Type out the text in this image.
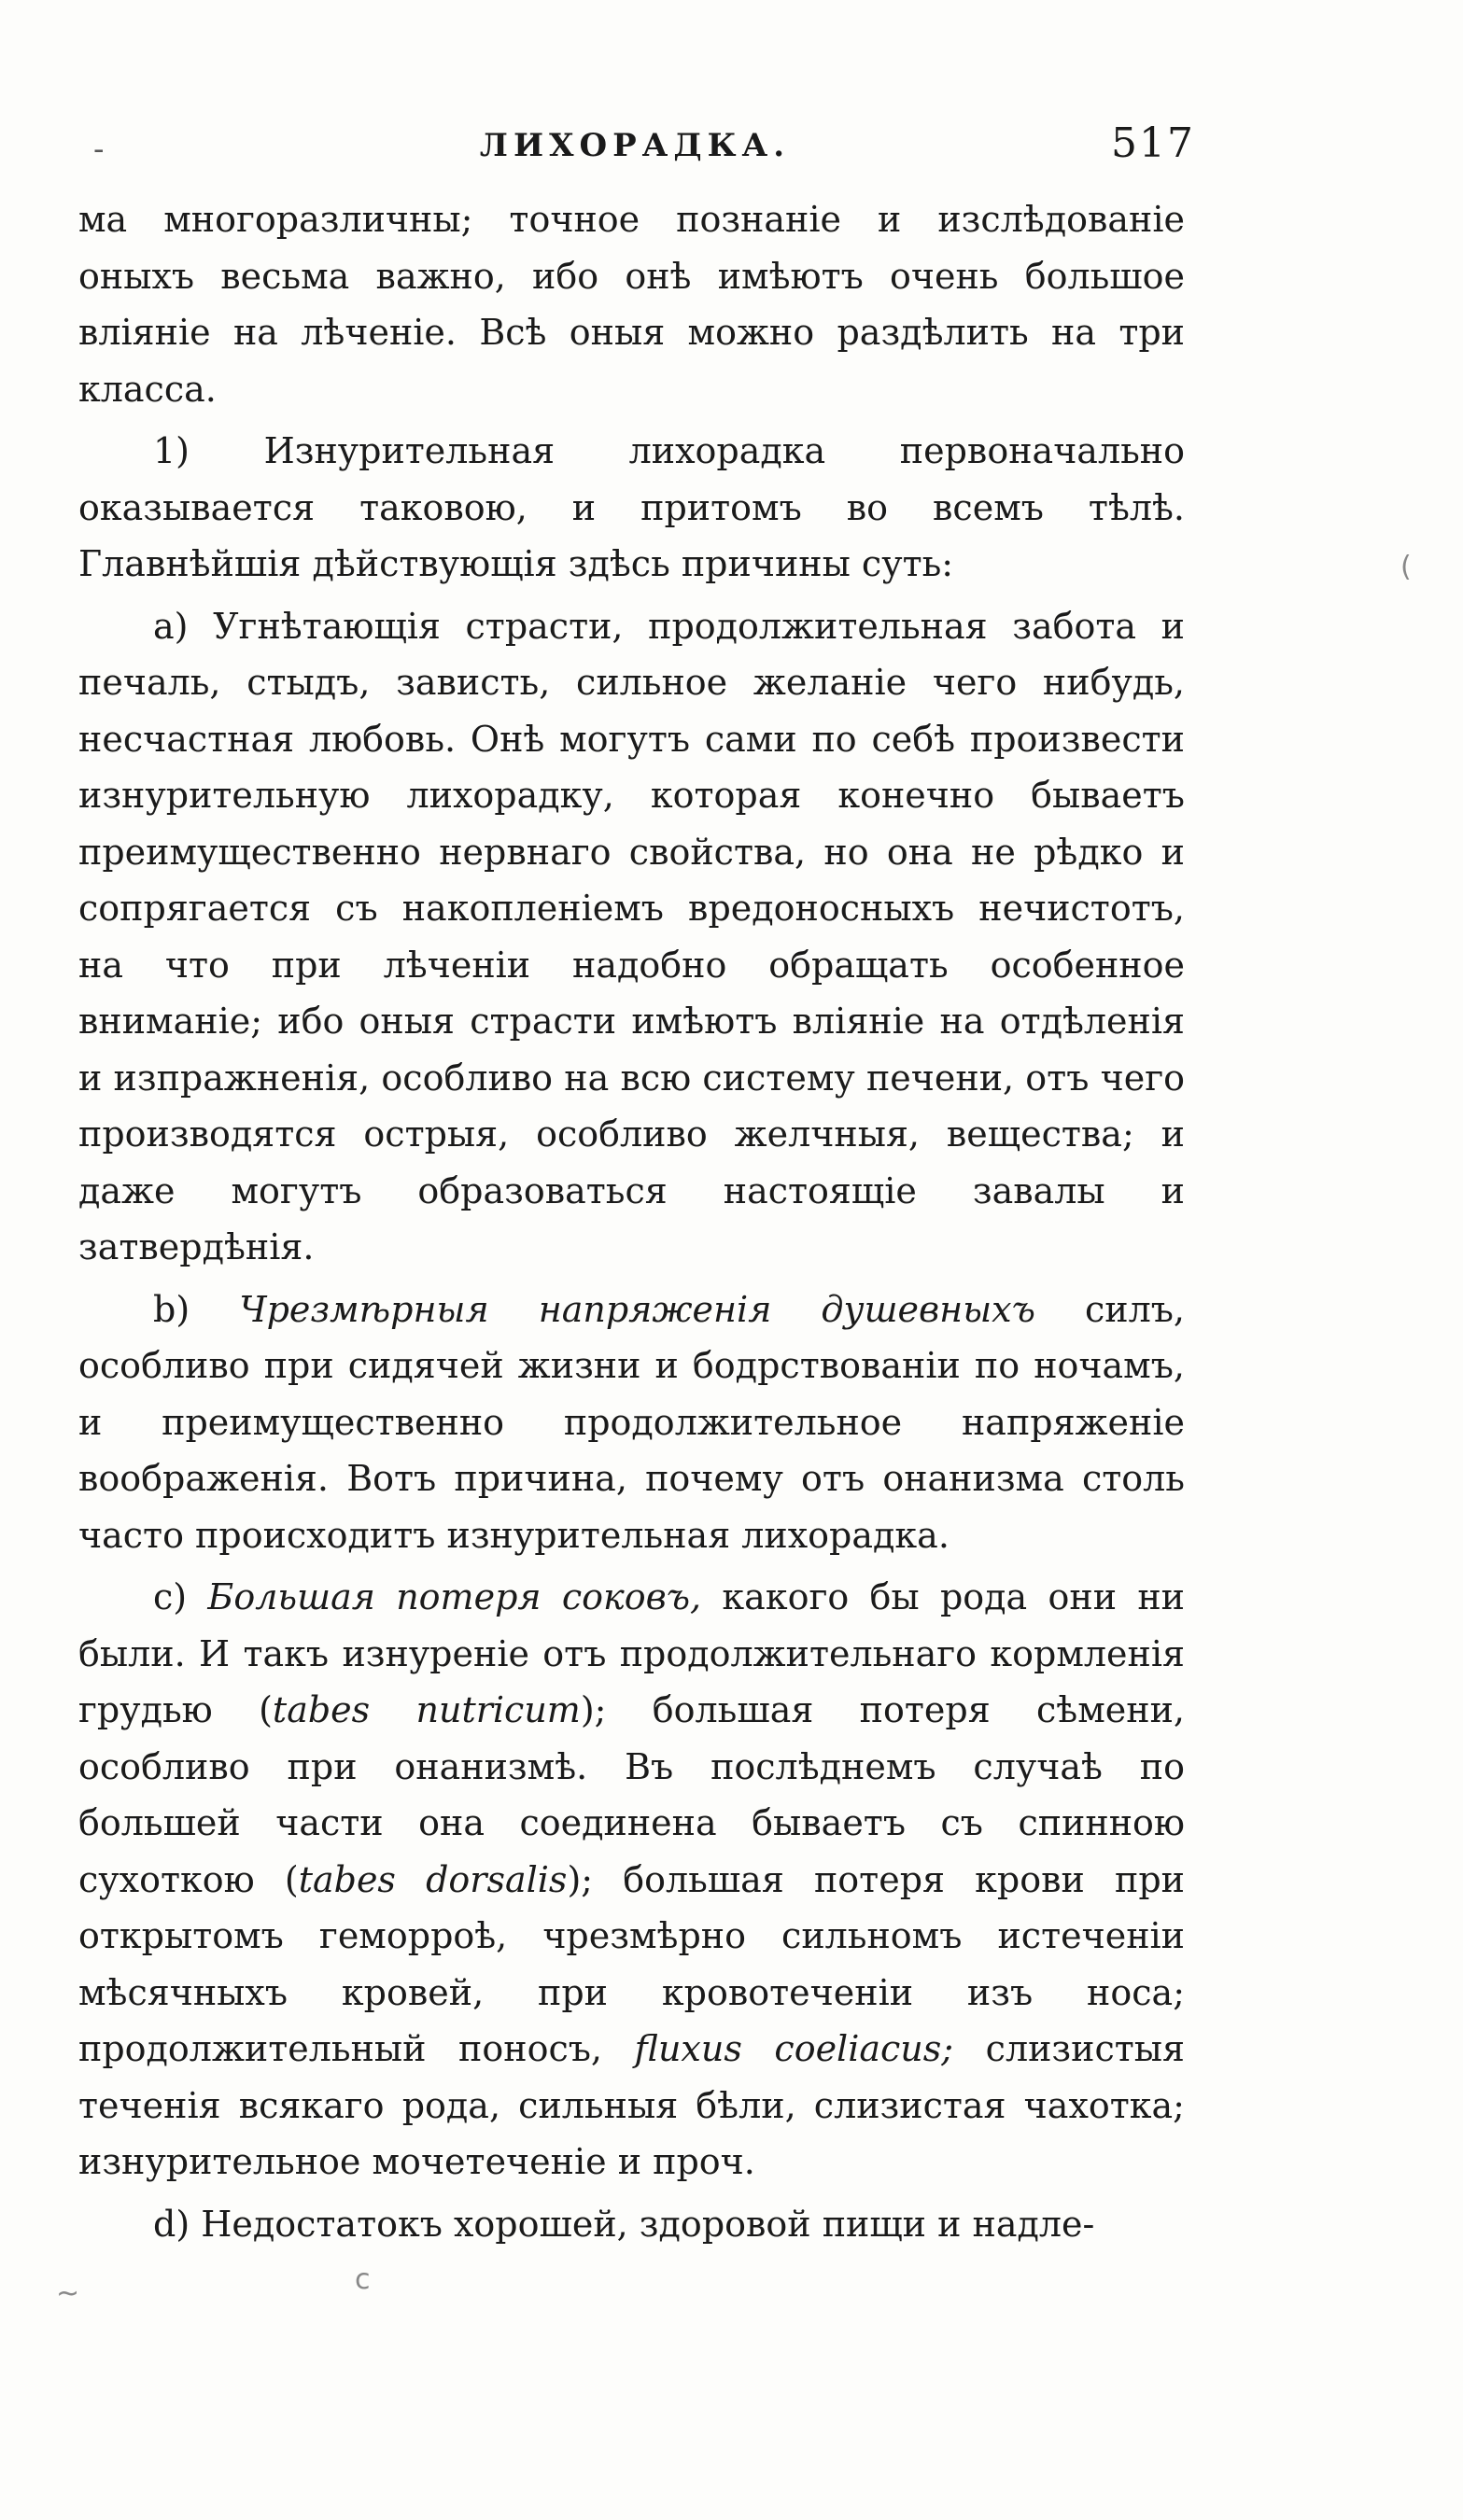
-	ЛИХОРАДКА.	517

ма многоразличны; точное познаніе и изслѣдованіе оныхъ весьма важно, ибо онѣ имѣютъ очень большое вліяніе на лѣченіе. Всѣ оныя можно раздѣлить на три класса.

1) Изнурительная лихорадка первоначально оказывается таковою, и притомъ во всемъ тѣлѣ. Главнѣйшія дѣйствующія здѣсь причины суть:

a) Угнѣтающія страсти, продолжительная забота и печаль, стыдъ, зависть, сильное желаніе чего нибудь, несчастная любовь. Онѣ могутъ сами по себѣ произвести изнурительную лихорадку, которая конечно бываетъ преимущественно нервнаго свойства, но она не рѣдко и сопрягается съ накопленіемъ вредоносныхъ нечистотъ, на что при лѣченіи надобно обращать особенное вниманіе; ибо оныя страсти имѣютъ вліяніе на отдѣленія и изпражненія, особливо на всю систему печени, отъ чего производятся острыя, особливо желчныя, вещества; и даже могутъ образоваться настоящіе завалы и затвердѣнія.

b) Чрезмѣрныя напряженія душевныхъ силъ, особливо при сидячей жизни и бодрствованіи по ночамъ, и преимущественно продолжительное напряженіе воображенія. Вотъ причина, почему отъ онанизма столь часто происходитъ изнурительная лихорадка.

c) Большая потеря соковъ, какого бы рода они ни были. И такъ изнуреніе отъ продолжительнаго кормленія грудью (tabes nutricum); большая потеря сѣмени, особливо при онанизмѣ. Въ послѣднемъ случаѣ по большей части она соединена бываетъ съ спинною сухоткою (tabes dorsalis); большая потеря крови при открытомъ геморроѣ, чрезмѣрно сильномъ истеченіи мѣсячныхъ кровей, при кровотеченіи изъ носа; продолжительный поносъ, fluxus coeliacus; слизистыя теченія всякаго рода, сильныя бѣли, слизистая чахотка; изнурительное мочетеченіе и проч.

d) Недостатокъ хорошей, здоровой пищи и надле-

(
~	c
